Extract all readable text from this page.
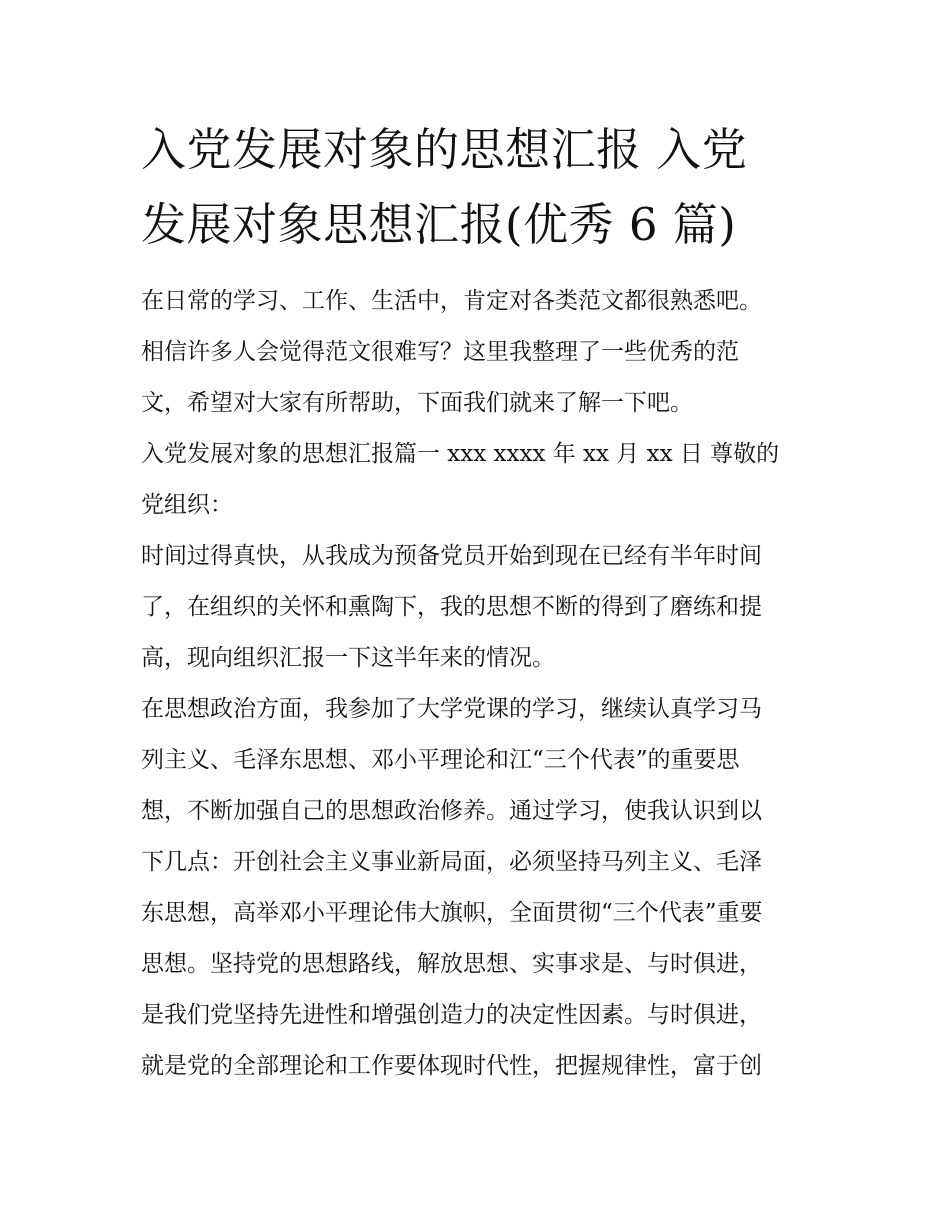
入党发展对象的思想汇报 入党
发展对象思想汇报(优秀 6 篇)
在日常的学习、工作、生活中，肯定对各类范文都很熟悉吧。
相信许多人会觉得范文很难写？这里我整理了一些优秀的范
文，希望对大家有所帮助，下面我们就来了解一下吧。
入党发展对象的思想汇报篇一 xxx xxxx 年 xx 月 xx 日 尊敬的
党组织：
时间过得真快，从我成为预备党员开始到现在已经有半年时间
了，在组织的关怀和熏陶下，我的思想不断的得到了磨练和提
高，现向组织汇报一下这半年来的情况。
在思想政治方面，我参加了大学党课的学习，继续认真学习马
列主义、毛泽东思想、邓小平理论和江“三个代表”的重要思
想，不断加强自己的思想政治修养。通过学习，使我认识到以
下几点：开创社会主义事业新局面，必须坚持马列主义、毛泽
东思想，高举邓小平理论伟大旗帜，全面贯彻“三个代表”重要
思想。坚持党的思想路线，解放思想、实事求是、与时俱进，
是我们党坚持先进性和增强创造力的决定性因素。与时俱进，
就是党的全部理论和工作要体现时代性，把握规律性，富于创
